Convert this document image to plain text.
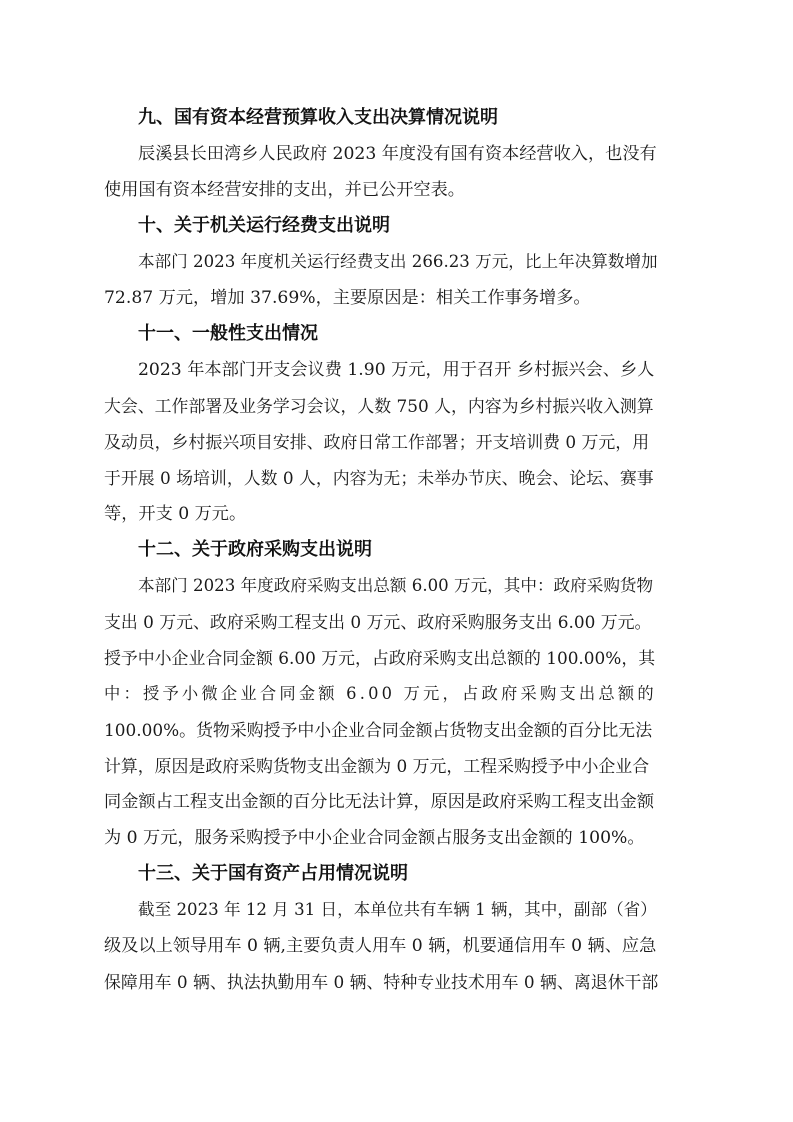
九、国有资本经营预算收入支出决算情况说明

辰溪县长田湾乡人民政府 2023 年度没有国有资本经营收入，也没有
使用国有资本经营安排的支出，并已公开空表。

十、关于机关运行经费支出说明

本部门 2023 年度机关运行经费支出 266.23 万元，比上年决算数增加
72.87 万元，增加 37.69%，主要原因是：相关工作事务增多。

十一、一般性支出情况

2023 年本部门开支会议费 1.90 万元，用于召开 乡村振兴会、乡人
大会、工作部署及业务学习会议，人数 750 人，内容为乡村振兴收入测算
及动员，乡村振兴项目安排、政府日常工作部署；开支培训费 0 万元，用
于开展 0 场培训，人数 0 人，内容为无；未举办节庆、晚会、论坛、赛事
等，开支 0 万元。

十二、关于政府采购支出说明

本部门 2023 年度政府采购支出总额 6.00 万元，其中：政府采购货物
支出 0 万元、政府采购工程支出 0 万元、政府采购服务支出 6.00 万元。
授予中小企业合同金额 6.00 万元，占政府采购支出总额的 100.00%，其
中：授予小微企业合同金额 6.00 万元，占政府采购支出总额的
100.00%。货物采购授予中小企业合同金额占货物支出金额的百分比无法
计算，原因是政府采购货物支出金额为 0 万元，工程采购授予中小企业合
同金额占工程支出金额的百分比无法计算，原因是政府采购工程支出金额
为 0 万元，服务采购授予中小企业合同金额占服务支出金额的 100%。

十三、关于国有资产占用情况说明

截至 2023 年 12 月 31 日，本单位共有车辆 1 辆，其中，副部（省）
级及以上领导用车 0 辆,主要负责人用车 0 辆，机要通信用车 0 辆、应急
保障用车 0 辆、执法执勤用车 0 辆、特种专业技术用车 0 辆、离退休干部
